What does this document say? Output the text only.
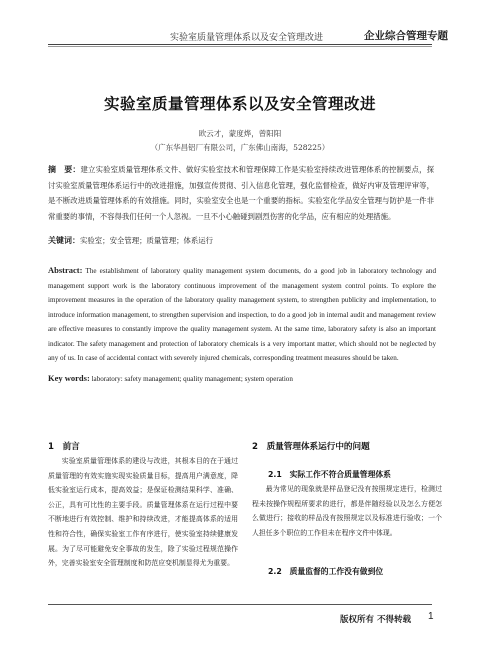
实验室质量管理体系以及安全管理改进	企业综合管理专题
实验室质量管理体系以及安全管理改进
欧云才，蒙度烨，曾阳阳
（广东华昌铝厂有限公司，广东佛山南海，528225）
摘　要：建立实验室质量管理体系文件、做好实验室技术和管理保障工作是实验室持续改进管理体系的控制要点，探讨实验室质量管理体系运行中的改进措施，加强宣传贯彻、引入信息化管理，强化监督检查，做好内审及管理评审等，是不断改进质量管理体系的有效措施。同时，实验室安全也是一个重要的指标。实验室化学品安全管理与防护是一件非常重要的事情，不容得我们任何一个人忽视。一旦不小心触碰到剧烈伤害的化学品，应有相应的处理措施。
关键词：实验室；安全管理；质量管理；体系运行
Abstract: The establishment of laboratory quality management system documents, do a good job in laboratory technology and management support work is the laboratory continuous improvement of the management system control points. To explore the improvement measures in the operation of the laboratory quality management system, to strengthen publicity and implementation, to introduce information management, to strengthen supervision and inspection, to do a good job in internal audit and management review are effective measures to constantly improve the quality management system. At the same time, laboratory safety is also an important indicator. The safety management and protection of laboratory chemicals is a very important matter, which should not be neglected by any of us. In case of accidental contact with severely injured chemicals, corresponding treatment measures should be taken.
Key words: laboratory: safety management; quality management; system operation
1　前言

实验室质量管理体系的建设与改进，其根本目的在于通过质量管理的有效实施实现实验质量目标，提高用户满意度，降低实验室运行成本，提高效益；是保证检测结果科学、准确、公正，具有可比性的主要手段。质量管理体系在运行过程中要不断地进行有效控制、维护和持续改进，才能提高体系的适用性和符合性，确保实验室工作有序进行，使实验室持续健康发展。为了尽可能避免安全事故的发生，除了实验过程规范操作外，完善实验室安全管理制度和防范应变机制显得尤为重要。

2　质量管理体系运行中的问题
2.1　实际工作不符合质量管理体系

最为常见的现象就是样品登记没有按照规定进行，检测过程未按操作规程所要求的进行，都是伴随经验以及怎么方便怎么做进行；接收的样品没有按照规定以及标准进行验收；一个人担任多个职位的工作但未在程序文件中体现。

2.2　质量监督的工作没有做到位
版权所有 不得转载 1
